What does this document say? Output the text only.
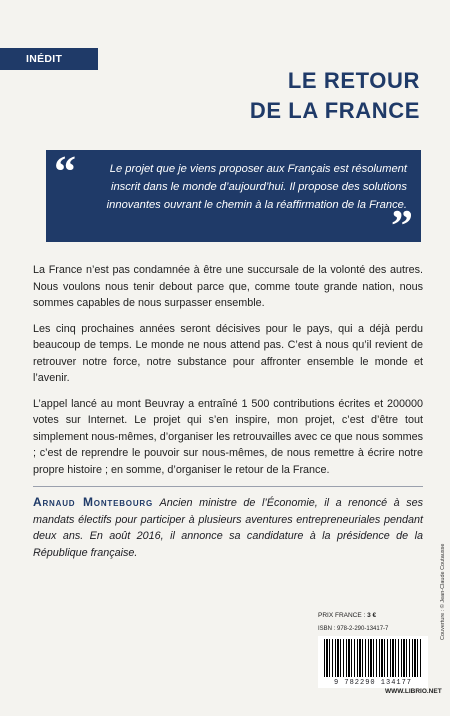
INÉDIT
LE RETOUR
DE LA FRANCE
“	Le projet que je viens proposer aux Français est résolument inscrit dans le monde d’aujourd’hui. Il propose des solutions innovantes ouvrant le chemin à la réaffirmation de la France.
”

La France n’est pas condamnée à être une succursale de la volonté des autres. Nous voulons nous tenir debout parce que, comme toute grande nation, nous sommes capables de nous surpasser ensemble.

Les cinq prochaines années seront décisives pour le pays, qui a déjà perdu beaucoup de temps. Le monde ne nous attend pas. C’est à nous qu’il revient de retrouver notre force, notre substance pour affronter ensemble le monde et l’avenir.

L’appel lancé au mont Beuvray a entraîné 1 500 contributions écrites et 200000 votes sur Internet. Le projet qui s’en inspire, mon projet, c’est d’être tout simplement nous-mêmes, d’organiser les retrouvailles avec ce que nous sommes ; c’est de reprendre le pouvoir sur nous-mêmes, de nous remettre à écrire notre propre histoire ; en somme, d’organiser le retour de la France.

Arnaud Montebourg Ancien ministre de l’Économie, il a renoncé à ses mandats électifs pour participer à plusieurs aventures entrepreneuriales pendant deux ans. En août 2016, il annonce sa candidature à la présidence de la République française.	Couverture : © Jean-Claude Coutausse
PRIX FRANCE : 3 €
ISBN : 978-2-290-13417-7
9 782290 134177
WWW.LIBRIO.NET
